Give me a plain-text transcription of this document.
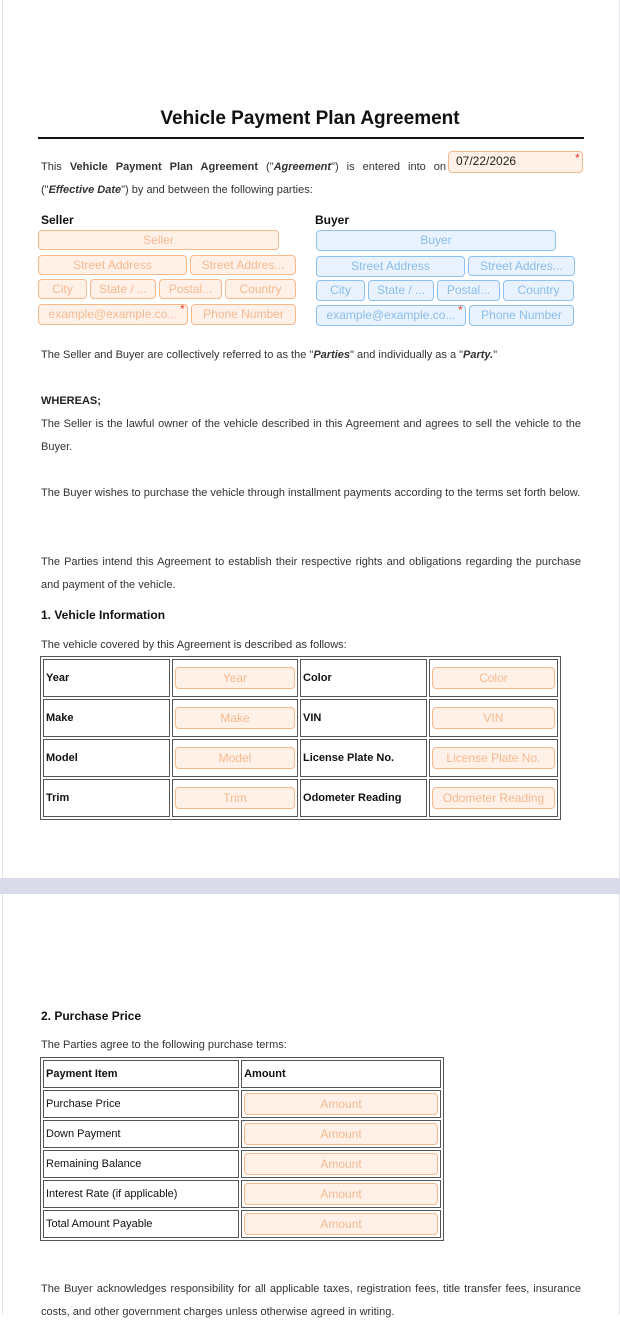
Vehicle Payment Plan Agreement
This Vehicle Payment Plan Agreement ("Agreement") is entered into on 07/22/2026	*
("Effective Date") by and between the following parties:
Seller
Seller
Street Address	Street Addres...
City	State / ...	Postal...	Country
example@example.co... *	Phone Number
Buyer
Buyer
Street Address	Street Addres...
City	State / ...	Postal...	Country
example@example.co... *	Phone Number
The Seller and Buyer are collectively referred to as the "Parties" and individually as a "Party."
WHEREAS;
The Seller is the lawful owner of the vehicle described in this Agreement and agrees to sell the vehicle to the Buyer.
The Buyer wishes to purchase the vehicle through installment payments according to the terms set forth below.
The Parties intend this Agreement to establish their respective rights and obligations regarding the purchase and payment of the vehicle.
1. Vehicle Information
The vehicle covered by this Agreement is described as follows:
Year	Year	Color	Color

Make	Make	VIN	VIN

Model	Model	License Plate No.	License Plate No.

Trim	Trim	Odometer Reading	Odometer Reading
2. Purchase Price
The Parties agree to the following purchase terms:
Payment Item	Amount
Purchase Price	Amount

Down Payment	Amount

Remaining Balance	Amount

Interest Rate (if applicable)	Amount

Total Amount Payable	Amount
The Buyer acknowledges responsibility for all applicable taxes, registration fees, title transfer fees, insurance costs, and other government charges unless otherwise agreed in writing.
